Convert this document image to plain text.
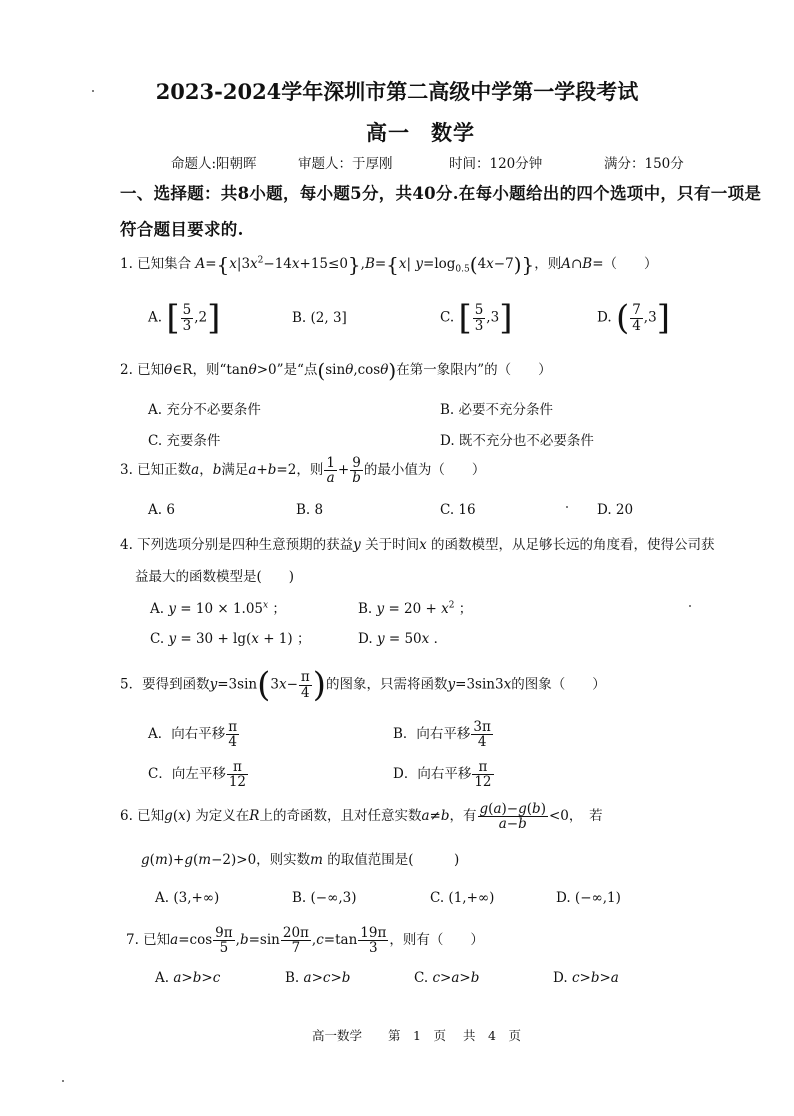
2023-2024学年深圳市第二高级中学第一学段考试
高一 数学
命题人:阳朝晖	审题人：于厚刚	时间：120分钟	满分：150分
一、选择题：共8小题，每小题5分，共40分.在每小题给出的四个选项中，只有一项是
符合题目要求的.
1. 已知集合 $A=\{x|3x^2-14x+15\le 0\},B=\{x|$ $y=\log_{0.5}(4x-7)$}，则A∩B=（　　）
A. [ $\frac{5}{3} ,2$]	B. (2, 3]	C. [ $\frac{5}{3} ,3$]	D. ( $\frac{7}{4} ,3$]
2. 已知θ∈R，则“tanθ>0”是“点(sinθ,cosθ)在第一象限内”的（　　）
A. 充分不必要条件	B. 必要不充分条件
C. 充要条件	D. 既不充分也不必要条件
3. 已知正数a，b满足a+b=2，则 $\frac{1}{a} + \frac{9}{b}$ 的最小值为（　　）
A. 6	B. 8	C. 16	D. 20
4. 下列选项分别是四种生意预期的获益y 关于时间x 的函数模型，从足够长远的角度看，使得公司获
益最大的函数模型是(　　)
A. $y = 10 \times 1.05^x$ ；	B. $y = 20 + x^2$ ；
C. y = 30 + lg(x + 1) ；	D. y = 50x ．
5．要得到函数$y=3\sin(3x- \frac{\pi}{4}$ )的图象，只需将函数y=3sin3x的图象（　　）
A．向右平移 $\frac{\pi}{4}$	B．向右平移 $\frac{3\pi}{4}$
C．向左平移 $\frac{\pi}{12}$	D．向右平移 $\frac{\pi}{12}$
6. 已知g(x) 为定义在R上的奇函数，且对任意实数a≠b，有 $\frac{g(a)-g(b)}{a-b} <0$，　若
g(m)+g(m−2)>0，则实数m 的取值范围是(　　　)
A. (3,+∞)	B. (−∞,3)	C. (1,+∞)	D. (−∞,1)
7. 已知$a=\cos \frac{9\pi}{5} ,b=\sin \frac{20\pi}{7} ,c=\tan \frac{19\pi}{3}$ ，则有（　　）
A. a>b>c	B. a>c>b	C. c>a>b	D. c>b>a
高一数学 第　1　页 共　4　页
